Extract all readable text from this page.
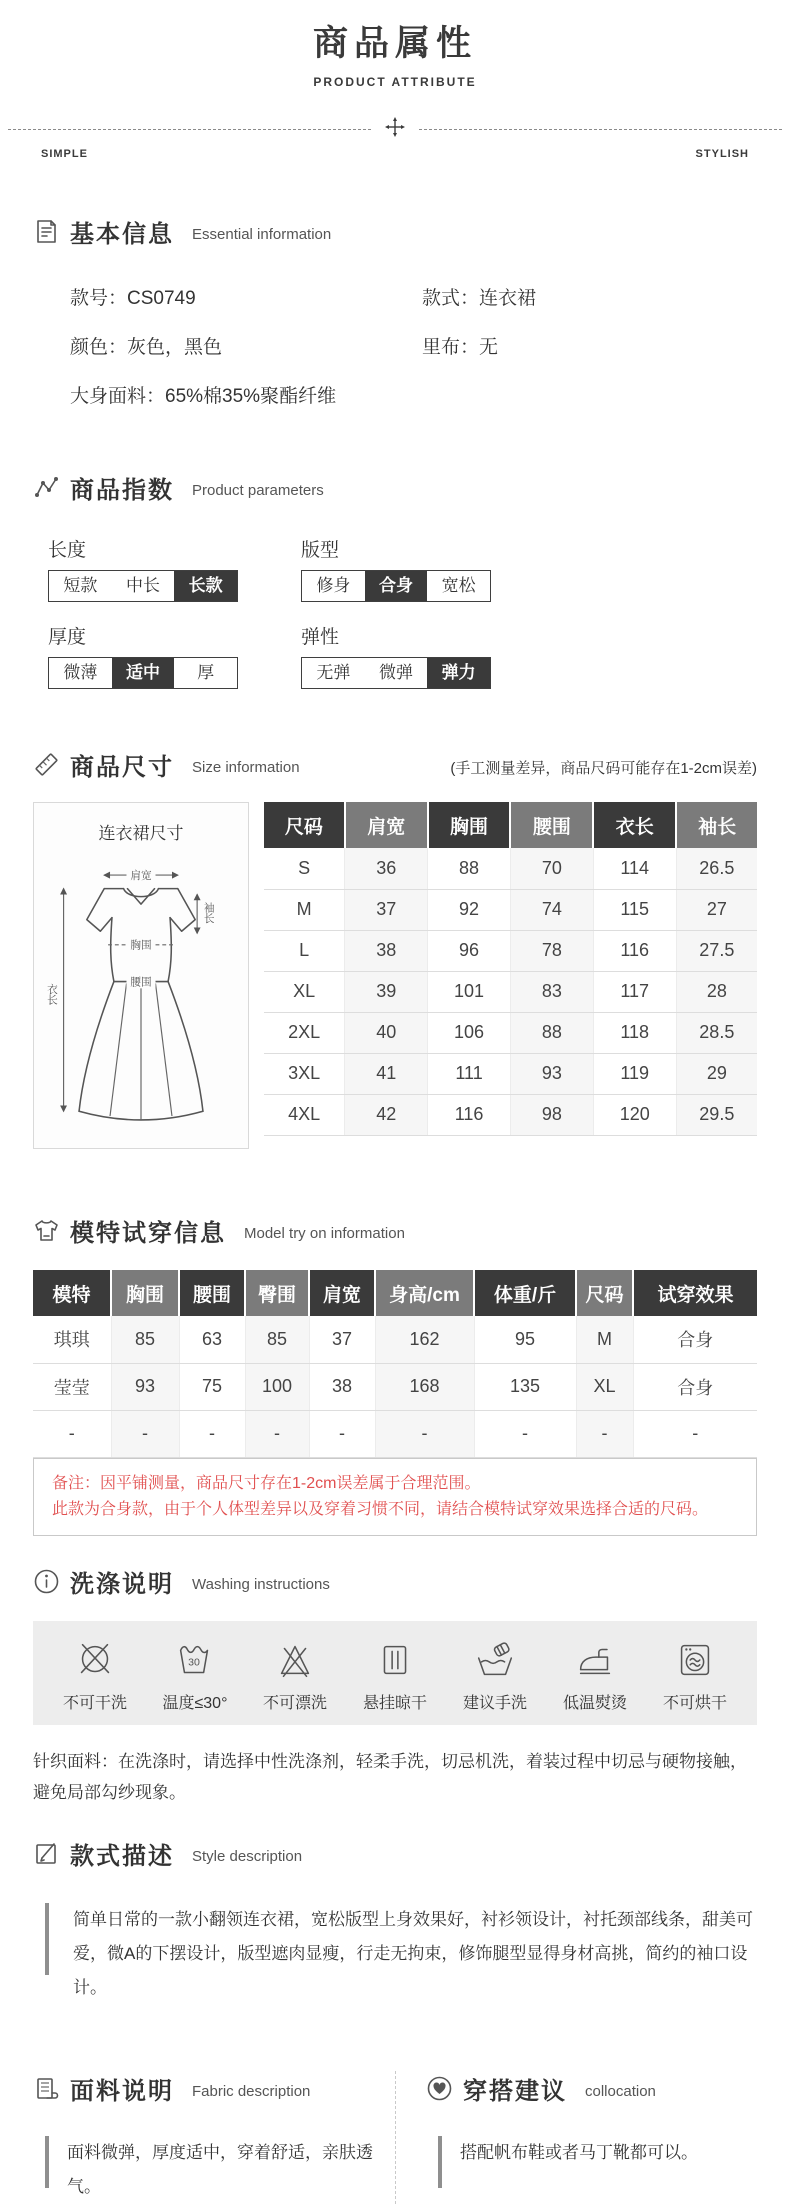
商品属性
PRODUCT ATTRIBUTE
SIMPLE	STYLISH
基本信息 Essential information
款号：CS0749	款式：连衣裙
颜色：灰色，黑色	里布：无
大身面料：65%棉35%聚酯纤维
商品指数 Product parameters
长度
短款	中长	长款
版型
修身	合身	宽松
厚度
微薄	适中	厚
弹性
无弹	微弹	弹力
商品尺寸 Size information	(手工测量差异，商品尺码可能存在1-2cm误差)
连衣裙尺寸
肩宽
胸围
腰围
袖长
衣长
尺码	肩宽	胸围	腰围	衣长	袖长
S	36	88	70	114	26.5
M	37	92	74	115	27
L	38	96	78	116	27.5
XL	39	101	83	117	28
2XL	40	106	88	118	28.5
3XL	41	111	93	119	29
4XL	42	116	98	120	29.5
模特试穿信息 Model try on information
模特	胸围	腰围	臀围	肩宽	身高/cm	体重/斤	尺码	试穿效果
琪琪	85	63	85	37	162	95	M	合身
莹莹	93	75	100	38	168	135	XL	合身
-	-	-	-	-	-	-	-	-
备注：因平铺测量，商品尺寸存在1-2cm误差属于合理范围。
此款为合身款，由于个人体型差异以及穿着习惯不同，请结合模特试穿效果选择合适的尺码。
洗涤说明 Washing instructions
不可干洗
30
温度≤30°	不可漂洗	悬挂晾干	建议手洗	低温熨烫	不可烘干
针织面料：在洗涤时，请选择中性洗涤剂，轻柔手洗，切忌机洗，着装过程中切忌与硬物接触，避免局部勾纱现象。
款式描述 Style description
简单日常的一款小翻领连衣裙，宽松版型上身效果好，衬衫领设计，衬托颈部线条，甜美可爱，微A的下摆设计，版型遮肉显瘦，行走无拘束，修饰腿型显得身材高挑，简约的袖口设计。
面料说明 Fabric description
面料微弹，厚度适中，穿着舒适，亲肤透气。
穿搭建议 collocation
搭配帆布鞋或者马丁靴都可以。
